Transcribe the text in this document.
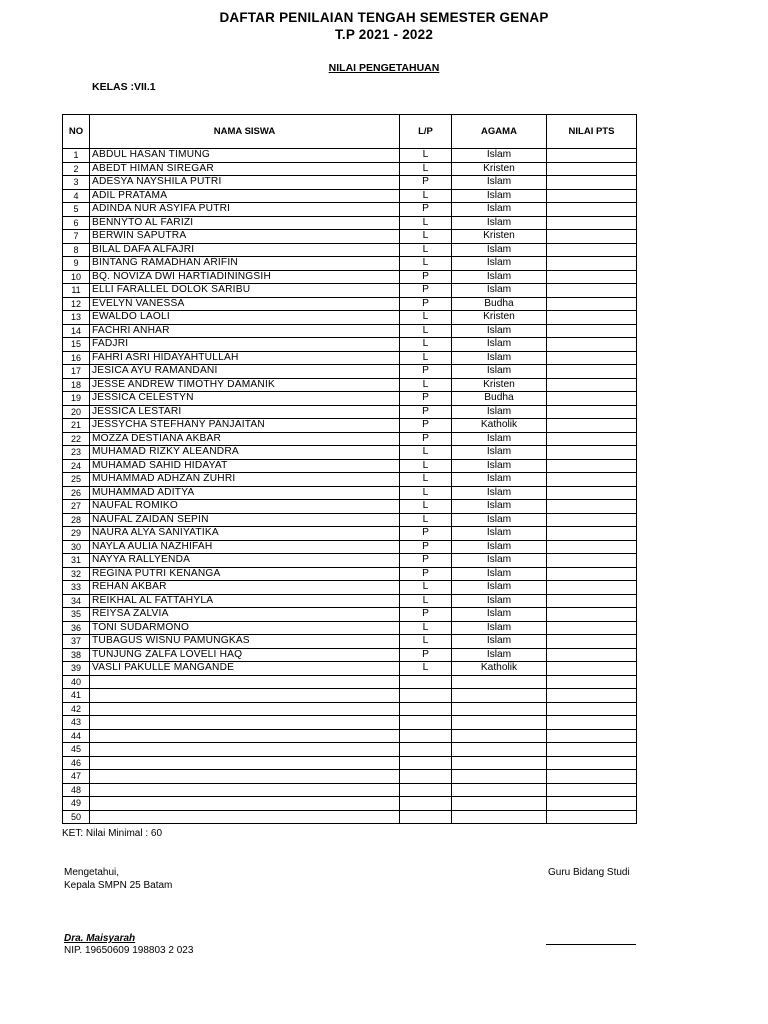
DAFTAR PENILAIAN TENGAH SEMESTER GENAP
T.P 2021 - 2022
NILAI PENGETAHUAN
KELAS :VII.1
NO	NAMA SISWA	L/P	AGAMA	NILAI PTS
1	ABDUL HASAN TIMUNG	L	Islam	
2	ABEDT HIMAN SIREGAR	L	Kristen	
3	ADESYA NAYSHILA PUTRI	P	Islam	
4	ADIL PRATAMA	L	Islam	
5	ADINDA NUR ASYIFA PUTRI	P	Islam	
6	BENNYTO AL FARIZI	L	Islam	
7	BERWIN SAPUTRA	L	Kristen	
8	BILAL DAFA ALFAJRI	L	Islam	
9	BINTANG RAMADHAN ARIFIN	L	Islam	
10	BQ. NOVIZA DWI HARTIADININGSIH	P	Islam	
11	ELLI FARALLEL DOLOK SARIBU	P	Islam	
12	EVELYN VANESSA	P	Budha	
13	EWALDO LAOLI	L	Kristen	
14	FACHRI ANHAR	L	Islam	
15	FADJRI	L	Islam	
16	FAHRI ASRI HIDAYAHTULLAH	L	Islam	
17	JESICA AYU RAMANDANI	P	Islam	
18	JESSE ANDREW TIMOTHY DAMANIK	L	Kristen	
19	JESSICA CELESTYN	P	Budha	
20	JESSICA LESTARI	P	Islam	
21	JESSYCHA STEFHANY PANJAITAN	P	Katholik	
22	MOZZA DESTIANA AKBAR	P	Islam	
23	MUHAMAD RIZKY ALEANDRA	L	Islam	
24	MUHAMAD SAHID HIDAYAT	L	Islam	
25	MUHAMMAD ADHZAN ZUHRI	L	Islam	
26	MUHAMMAD ADITYA	L	Islam	
27	NAUFAL ROMIKO	L	Islam	
28	NAUFAL ZAIDAN SEPIN	L	Islam	
29	NAURA ALYA SANIYATIKA	P	Islam	
30	NAYLA AULIA NAZHIFAH	P	Islam	
31	NAYYA RALLYENDA	P	Islam	
32	REGINA PUTRI KENANGA	P	Islam	
33	REHAN AKBAR	L	Islam	
34	REIKHAL AL FATTAHYLA	L	Islam	
35	REIYSA ZALVIA	P	Islam	
36	TONI SUDARMONO	L	Islam	
37	TUBAGUS WISNU PAMUNGKAS	L	Islam	
38	TUNJUNG ZALFA LOVELI HAQ	P	Islam	
39	VASLI PAKULLE MANGANDE	L	Katholik	
40				
41				
42				
43				
44				
45				
46				
47				
48				
49				
50				
KET: Nilai Minimal : 60
Mengetahui,
Kepala SMPN 25 Batam
Guru Bidang Studi
Dra. Maisyarah
NIP. 19650609 198803 2 023
